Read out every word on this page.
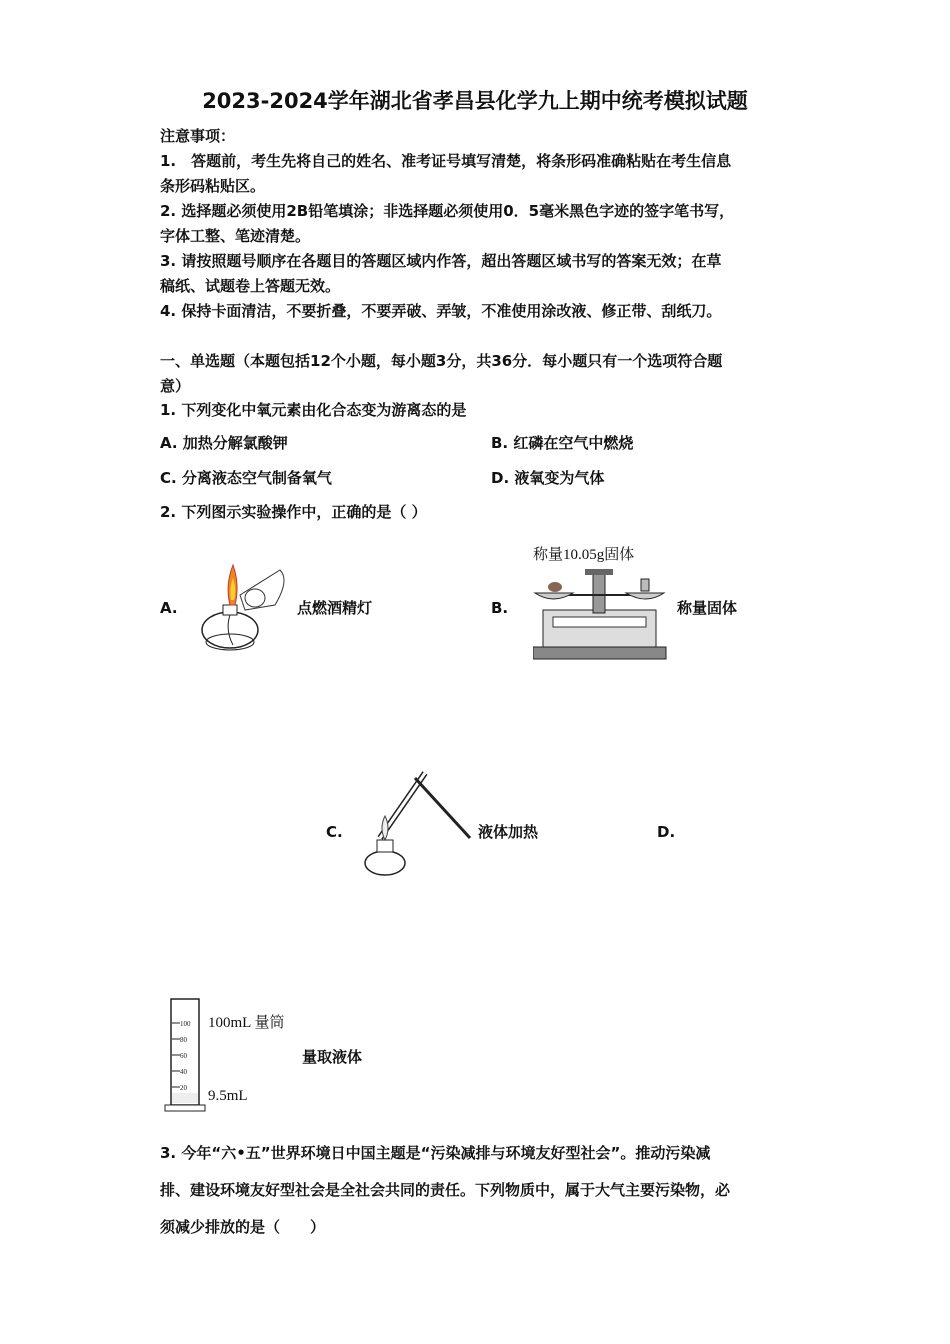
2023-2024学年湖北省孝昌县化学九上期中统考模拟试题
注意事项：
1.　答题前，考生先将自己的姓名、准考证号填写清楚，将条形码准确粘贴在考生信息
条形码粘贴区。
2. 选择题必须使用2B铅笔填涂；非选择题必须使用0．5毫米黑色字迹的签字笔书写，
字体工整、笔迹清楚。
3. 请按照题号顺序在各题目的答题区域内作答，超出答题区域书写的答案无效；在草
稿纸、试题卷上答题无效。
4. 保持卡面清洁，不要折叠，不要弄破、弄皱，不准使用涂改液、修正带、刮纸刀。
一、单选题（本题包括12个小题，每小题3分，共36分．每小题只有一个选项符合题
意）
1. 下列变化中氧元素由化合态变为游离态的是
A. 加热分解氯酸钾	B. 红磷在空气中燃烧
C. 分离液态空气制备氧气	D. 液氧变为气体
2. 下列图示实验操作中，正确的是（ ）
A.	点燃酒精灯	B.
称量10.05g固体
称量固体
C.	液体加热	D.
100
80
60
40
20
100mL 量筒
9.5mL
量取液体
3. 今年“六•五”世界环境日中国主题是“污染减排与环境友好型社会”。推动污染减
排、建设环境友好型社会是全社会共同的责任。下列物质中，属于大气主要污染物，必
须减少排放的是（　　）
